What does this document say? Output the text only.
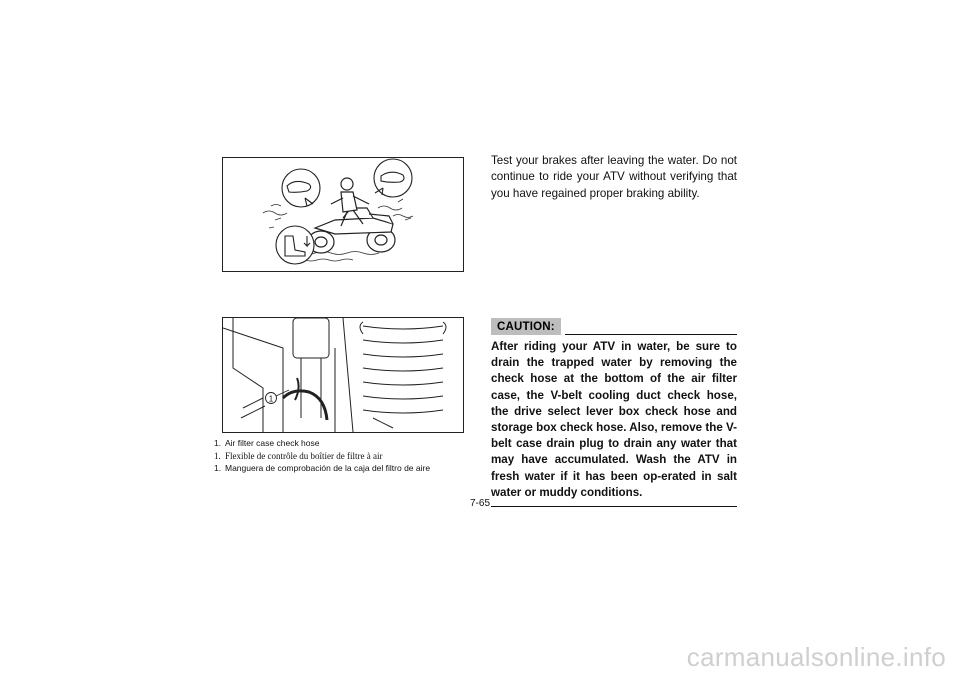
1
1. Air filter case check hose
1. Flexible de contrôle du boîtier de filtre à air
1. Manguera de comprobación de la caja del filtro de aire

Test your brakes after leaving the water. Do not continue to ride your ATV without verifying that you have regained proper braking ability.

CAUTION:

After riding your ATV in water, be sure to drain the trapped water by removing the check hose at the bottom of the air filter case, the V-belt cooling duct check hose, the drive select lever box check hose and storage box check hose. Also, remove the V-belt case drain plug to drain any water that may have accumulated. Wash the ATV in fresh water if it has been op-erated in salt water or muddy conditions.

7-65
carmanualsonline.info
